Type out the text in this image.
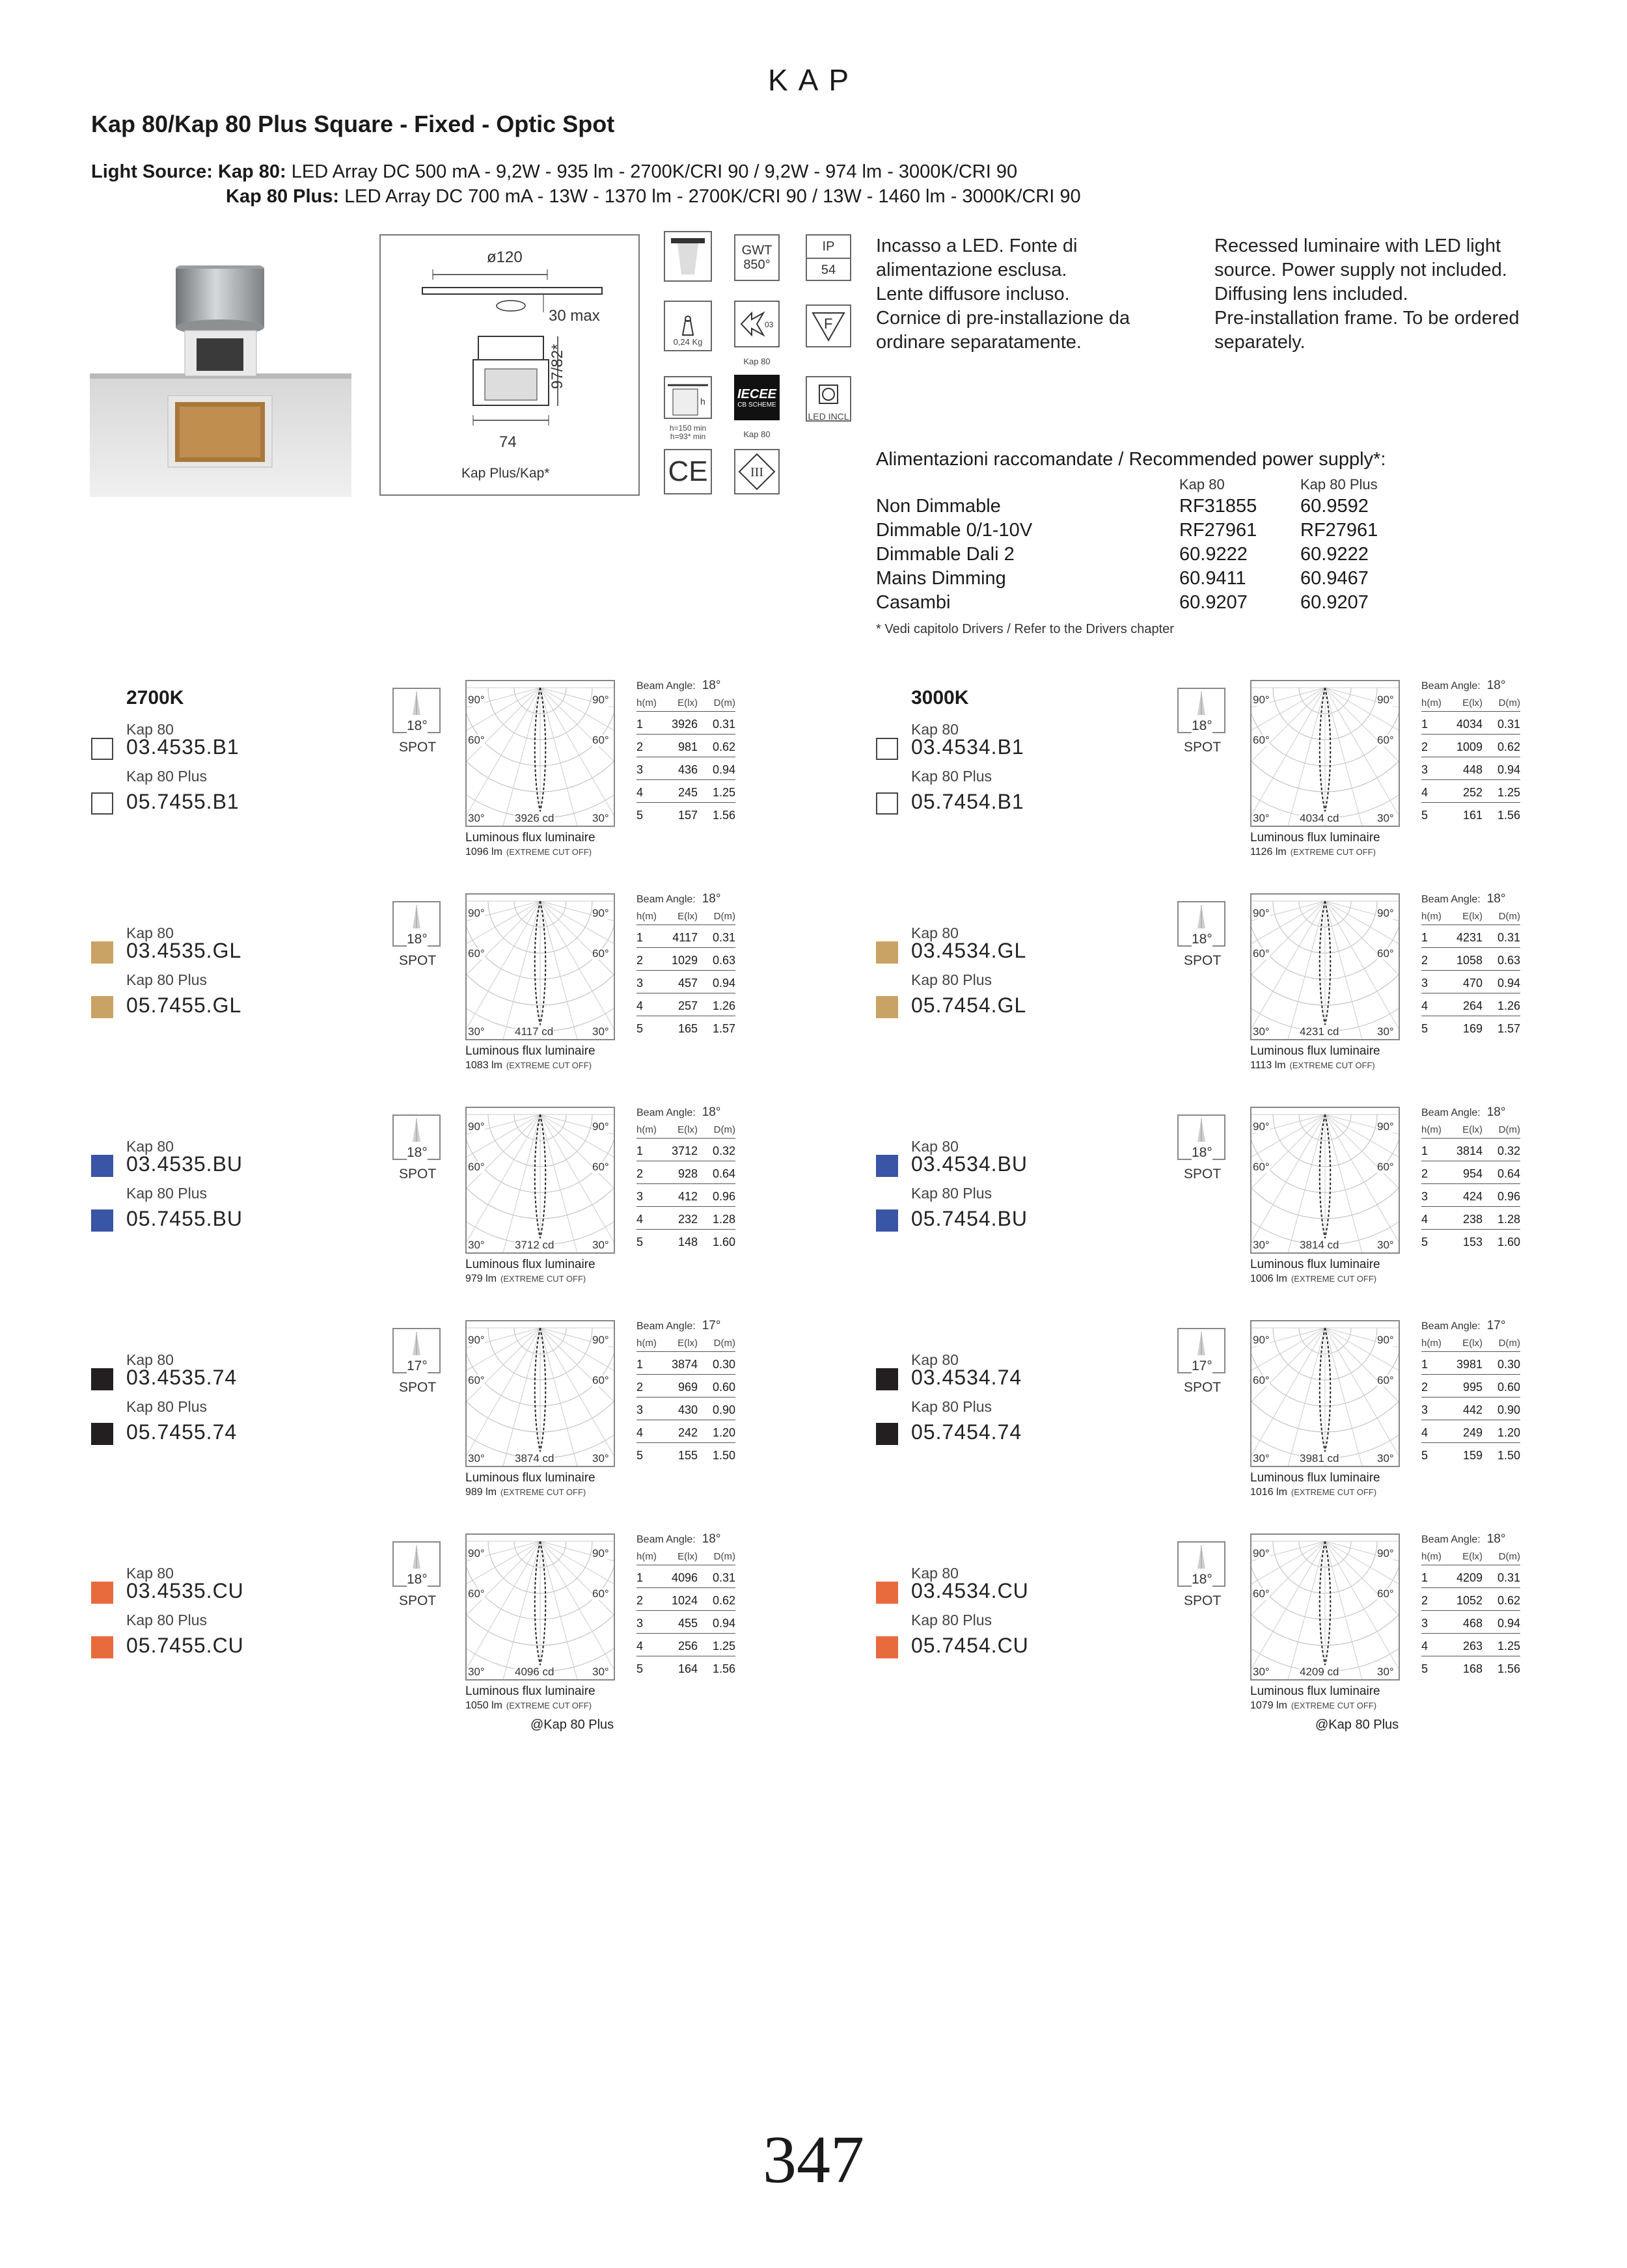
KAP
Kap 80/Kap 80 Plus Square - Fixed - Optic Spot
Light Source: Kap 80: LED Array DC 500 mA - 9,2W - 935 lm - 2700K/CRI 90 / 9,2W - 974 lm - 3000K/CRI 90
Kap 80 Plus: LED Array DC 700 mA - 13W - 1370 lm - 2700K/CRI 90 / 13W - 1460 lm - 3000K/CRI 90
ø120
30 max
97/82*
74
Kap Plus/Kap*
GWT
850°
IP
54
0,24 Kg
03
Kap 80
F
h
h=150 min
h=93* min
IECEE
CB SCHEME
Kap 80
LED INCL
CE	III
Incasso a LED. Fonte di
alimentazione esclusa.
Lente diffusore incluso.
Cornice di pre-installazione da
ordinare separatamente.
Recessed luminaire with LED light
source. Power supply not included.
Diffusing lens included.
Pre-installation frame. To be ordered
separately.
Alimentazioni raccomandate / Recommended power supply*:
Kap 80	Kap 80 Plus
Non Dimmable	RF31855 60.9592
Dimmable 0/1-10V	RF27961 RF27961
Dimmable Dali 2	60.9222	60.9222
Mains Dimming	60.9411	60.9467
Casambi	60.9207	60.9207
* Vedi capitolo Drivers / Refer to the Drivers chapter
2700K
Kap 80
03.4535.B1
Kap 80 Plus
05.7455.B1
18°
SPOT
90°	90°
60°	60°
30°	30°
3926 cd
Luminous flux luminaire
1096 lm (EXTREME CUT OFF)
Beam Angle: 18°
h(m) E(lx) D(m)
1 3926 0.31
2	981 0.62
3	436 0.94
4	245 1.25
5	157 1.56
Kap 80
03.4535.GL
Kap 80 Plus
05.7455.GL
18°
SPOT
90°	90°
60°	60°
30°	30°
4117 cd
Luminous flux luminaire
1083 lm (EXTREME CUT OFF)
Beam Angle: 18°
h(m) E(lx) D(m)
1	4117 0.31
2 1029 0.63
3	457 0.94
4	257 1.26
5	165 1.57
Kap 80
03.4535.BU
Kap 80 Plus
05.7455.BU
18°
SPOT
90°	90°
60°	60°
30°	30°
3712 cd
Luminous flux luminaire
979 lm (EXTREME CUT OFF)
Beam Angle: 18°
h(m) E(lx) D(m)
1 3712 0.32
2	928 0.64
3	412 0.96
4	232 1.28
5	148 1.60
Kap 80
03.4535.74
Kap 80 Plus
05.7455.74
17°
SPOT
90°	90°
60°	60°
30°	30°
3874 cd
Luminous flux luminaire
989 lm (EXTREME CUT OFF)
Beam Angle: 17°
h(m) E(lx) D(m)
1 3874 0.30
2	969 0.60
3	430 0.90
4	242 1.20
5	155 1.50
Kap 80
03.4535.CU
Kap 80 Plus
05.7455.CU
18°
SPOT
90°	90°
60°	60°
30°	30°
4096 cd
Luminous flux luminaire
1050 lm (EXTREME CUT OFF)
@Kap 80 Plus
Beam Angle: 18°
h(m) E(lx) D(m)
1 4096 0.31
2 1024 0.62
3	455 0.94
4	256 1.25
5	164 1.56
3000K
Kap 80
03.4534.B1
Kap 80 Plus
05.7454.B1
18°
SPOT
90°	90°
60°	60°
30°	30°
4034 cd
Luminous flux luminaire
1126 lm (EXTREME CUT OFF)
Beam Angle: 18°
h(m) E(lx) D(m)
1 4034 0.31
2 1009 0.62
3	448 0.94
4	252 1.25
5	161 1.56
Kap 80
03.4534.GL
Kap 80 Plus
05.7454.GL
18°
SPOT
90°	90°
60°	60°
30°	30°
4231 cd
Luminous flux luminaire
1113 lm (EXTREME CUT OFF)
Beam Angle: 18°
h(m) E(lx) D(m)
1 4231 0.31
2 1058 0.63
3	470 0.94
4	264 1.26
5	169 1.57
Kap 80
03.4534.BU
Kap 80 Plus
05.7454.BU
18°
SPOT
90°	90°
60°	60°
30°	30°
3814 cd
Luminous flux luminaire
1006 lm (EXTREME CUT OFF)
Beam Angle: 18°
h(m) E(lx) D(m)
1 3814 0.32
2	954 0.64
3	424 0.96
4	238 1.28
5	153 1.60
Kap 80
03.4534.74
Kap 80 Plus
05.7454.74
17°
SPOT
90°	90°
60°	60°
30°	30°
3981 cd
Luminous flux luminaire
1016 lm (EXTREME CUT OFF)
Beam Angle: 17°
h(m) E(lx) D(m)
1 3981 0.30
2	995 0.60
3	442 0.90
4	249 1.20
5	159 1.50
Kap 80
03.4534.CU
Kap 80 Plus
05.7454.CU
18°
SPOT
90°	90°
60°	60°
30°	30°
4209 cd
Luminous flux luminaire
1079 lm (EXTREME CUT OFF)
@Kap 80 Plus
Beam Angle: 18°
h(m) E(lx) D(m)
1 4209 0.31
2 1052 0.62
3	468 0.94
4	263 1.25
5	168 1.56
347
